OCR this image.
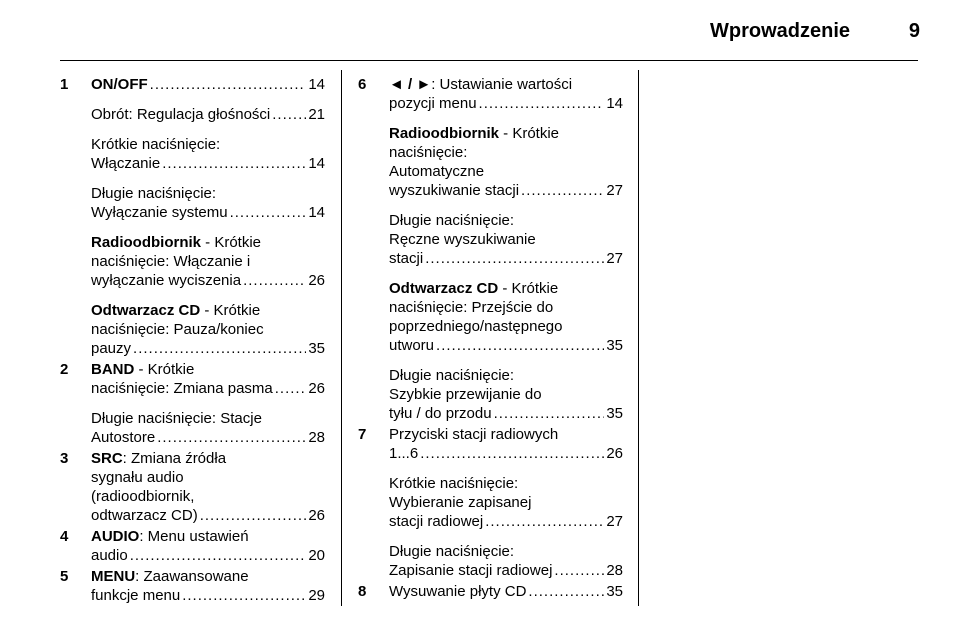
Wprowadzenie	9
1 ON/OFF .....	14
Obrót: Regulacja głośności .....	21
Krótkie naciśnięcie:
Włączanie .....	14
Długie naciśnięcie:
Wyłączanie systemu .....	14
Radioodbiornik - Krótkie
naciśnięcie: Włączanie i
wyłączanie wyciszenia .....	26
Odtwarzacz CD - Krótkie
naciśnięcie: Pauza/koniec
pauzy .....	35
2 BAND - Krótkie
naciśnięcie: Zmiana pasma ..... 26
Długie naciśnięcie: Stacje
Autostore .....	28
3 SRC: Zmiana źródła
sygnału audio
(radioodbiornik,
odtwarzacz CD) .....	26
4 AUDIO: Menu ustawień
audio .....	20
5 MENU: Zaawansowane
funkcje menu .....	29
6 ◄ / ►: Ustawianie wartości
pozycji menu .....	14
Radioodbiornik - Krótkie
naciśnięcie:
Automatyczne
wyszukiwanie stacji .....	27
Długie naciśnięcie:
Ręczne wyszukiwanie
stacji .....	27
Odtwarzacz CD - Krótkie
naciśnięcie: Przejście do
poprzedniego/następnego
utworu .....	35
Długie naciśnięcie:
Szybkie przewijanie do
tyłu / do przodu .....	35
7 Przyciski stacji radiowych
1...6 .....	26
Krótkie naciśnięcie:
Wybieranie zapisanej
stacji radiowej .....	27
Długie naciśnięcie:
Zapisanie stacji radiowej .....	28
8 Wysuwanie płyty CD .....	35
